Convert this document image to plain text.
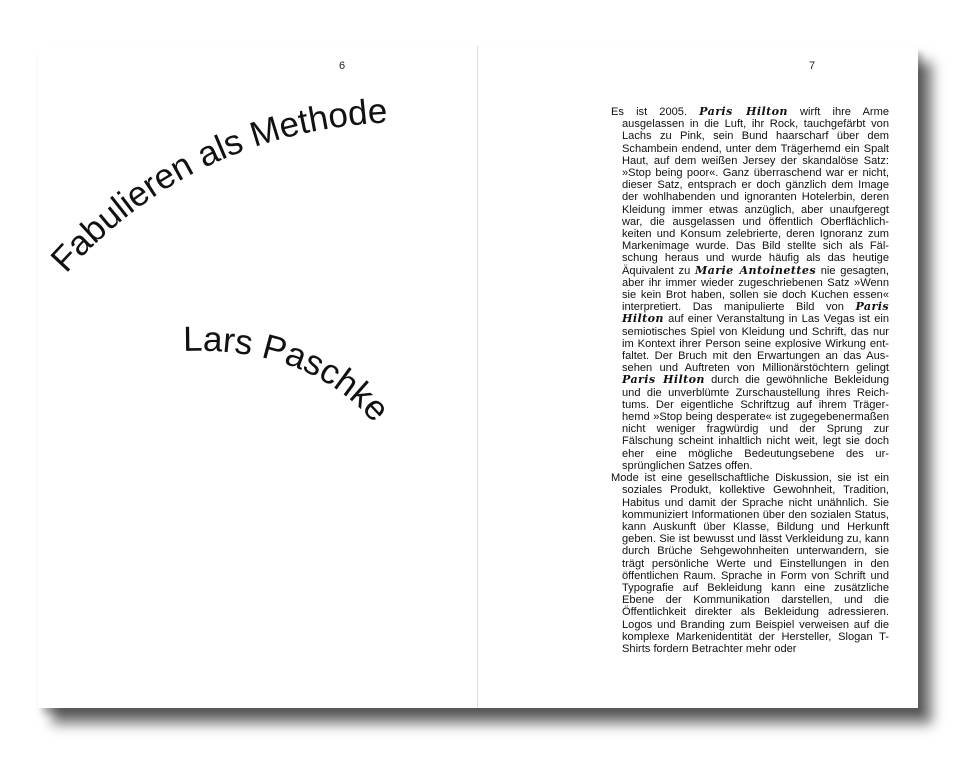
6
Fabulieren als Methode
Lars Paschke
7
Es ist 2005. Paris Hilton wirft ihre Arme ausgelassen in die Luft, ihr Rock, tauchgefärbt von Lachs zu Pink, sein Bund haarscharf über dem Schambein endend, unter dem Trägerhemd ein Spalt Haut, auf dem weißen Jersey der skandalöse Satz: »Stop being poor«. Ganz überraschend war er nicht, dieser Satz, entsprach er doch gänzlich dem Image der wohlhabenden und ignoranten Hotelerbin, deren Kleidung immer etwas anzüglich, aber unaufgeregt war, die ausgelassen und öffentlich Oberflächlichkeiten und Konsum zelebrierte, deren Ignoranz zum Markenimage wurde. Das Bild stellte sich als Fälschung heraus und wurde häufig als das heutige Äquivalent zu Marie Antoinettes nie gesagten, aber ihr immer wieder zugeschriebenen Satz »Wenn sie kein Brot haben, sollen sie doch Kuchen essen« interpretiert. Das manipulierte Bild von Paris Hilton auf einer Veranstaltung in Las Vegas ist ein semiotisches Spiel von Kleidung und Schrift, das nur im Kontext ihrer Person seine explosive Wirkung entfaltet. Der Bruch mit den Erwartungen an das Aussehen und Auftreten von Millionärstöchtern gelingt Paris Hilton durch die gewöhnliche Bekleidung und die unverblümte Zurschaustellung ihres Reichtums. Der eigentliche Schriftzug auf ihrem Trägerhemd »Stop being desperate« ist zugegebenermaßen nicht weniger fragwürdig und der Sprung zur Fälschung scheint inhaltlich nicht weit, legt sie doch eher eine mögliche Bedeutungsebene des ursprünglichen Satzes offen.
Mode ist eine gesellschaftliche Diskussion, sie ist ein soziales Produkt, kollektive Gewohnheit, Tradition, Habitus und damit der Sprache nicht unähnlich. Sie kommuniziert Informationen über den sozialen Status, kann Auskunft über Klasse, Bildung und Herkunft geben. Sie ist bewusst und lässt Verkleidung zu, kann durch Brüche Sehgewohnheiten unterwandern, sie trägt persönliche Werte und Einstellungen in den öffentlichen Raum. Sprache in Form von Schrift und Typografie auf Bekleidung kann eine zusätzliche Ebene der Kommunikation darstellen, und die Öffentlichkeit direkter als Bekleidung adressieren. Logos und Branding zum Beispiel verweisen auf die komplexe Markenidentität der Hersteller, Slogan T-Shirts fordern Betrachter mehr oder
